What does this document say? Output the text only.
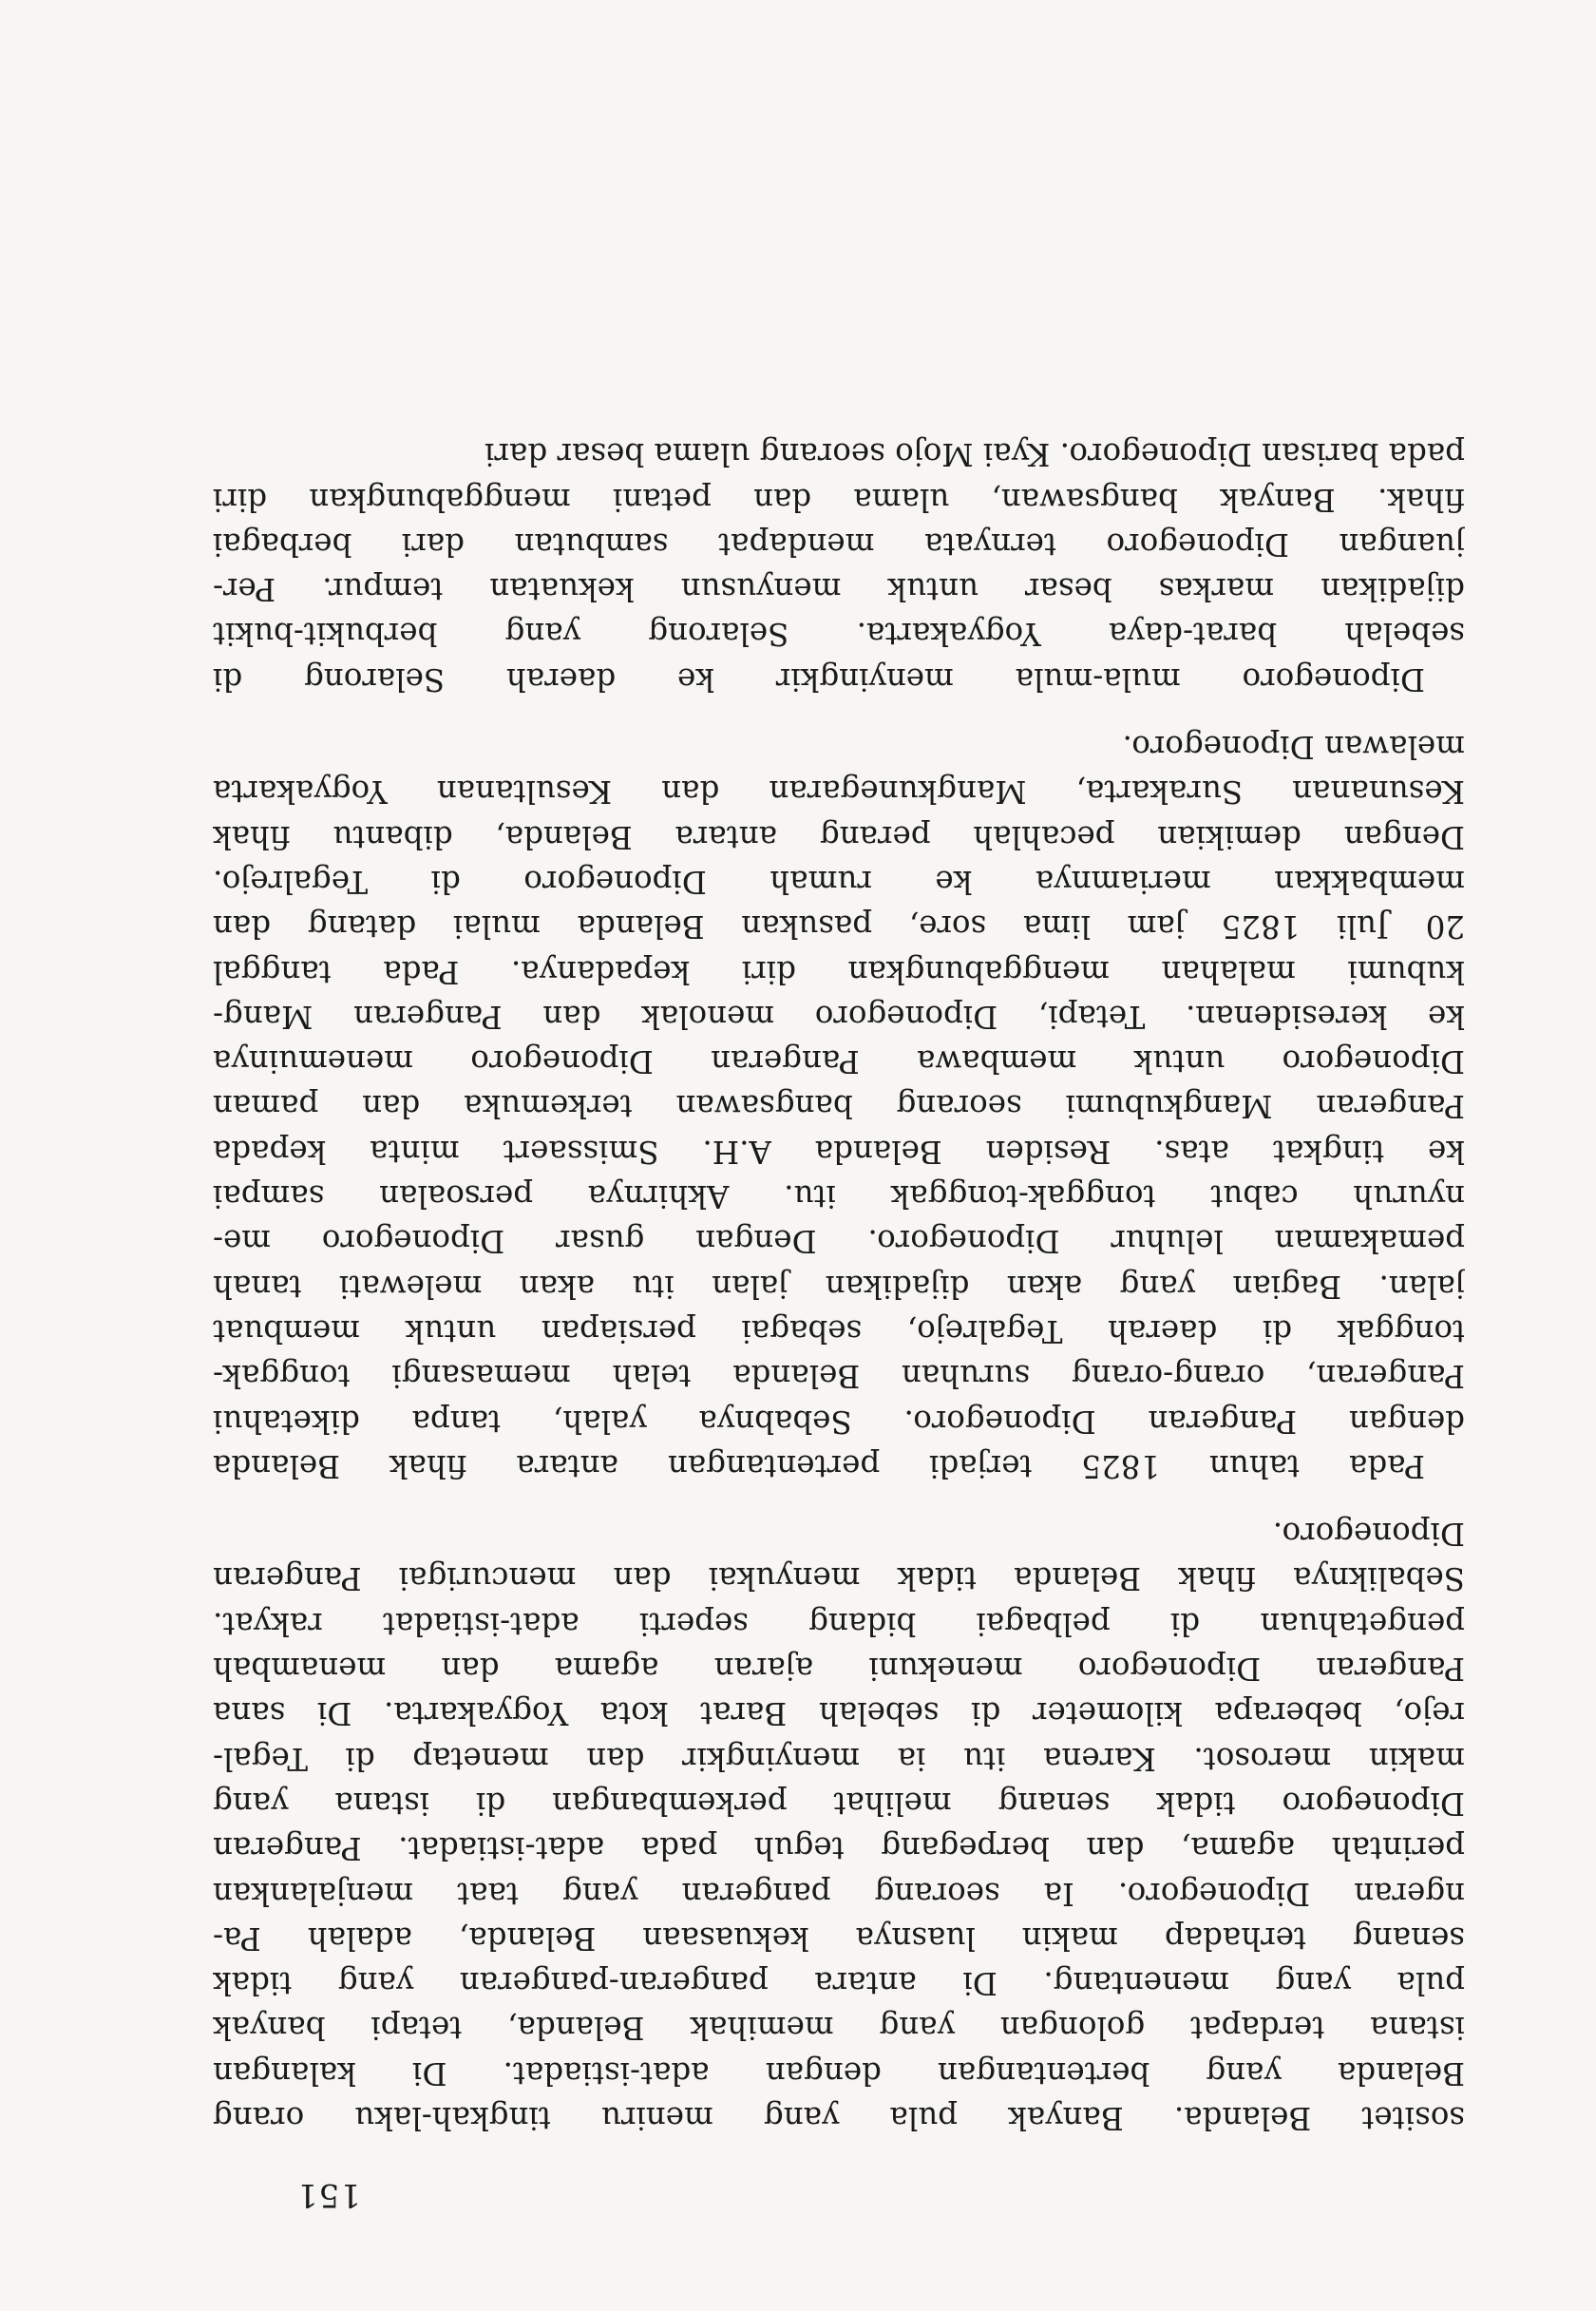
sositet Belanda. Banyak pula yang meniru tingkah-laku orang

Belanda yang bertentangan dengan adat-istiadat. Di kalangan

istana terdapat golongan yang memihak Belanda, tetapi banyak

pula yang menentang. Di antara pangeran-pangeran yang tidak

senang terhadap makin luasnya kekuasaan Belanda, adalah Pa-

ngeran Diponegoro. Ia seorang pangeran yang taat menjalankan

perintah agama, dan berpegang teguh pada adat-istiadat. Pangeran

Diponegoro tidak senang melihat perkembangan di istana yang

makin merosot. Karena itu ia menyingkir dan menetap di Tegal-

rejo, beberapa kilometer di sebelah Barat kota Yogyakarta. Di sana

Pangeran Diponegoro menekuni ajaran agama dan menambah

pengetahuan di pelbagai bidang seperti adat-istiadat rakyat.

Sebaliknya fihak Belanda tidak menyukai dan mencurigai Pangeran

Diponegoro.

Pada tahun 1825 terjadi pertentangan antara fihak Belanda

dengan Pangeran Diponegoro. Sebabnya yalah, tanpa diketahui

Pangeran, orang-orang suruhan Belanda telah memasangi tonggak-

tonggak di daerah Tegalrejo, sebagai persiapan untuk membuat

jalan. Bagian yang akan dijadikan jalan itu akan melewati tanah

pemakaman leluhur Diponegoro. Dengan gusar Diponegoro me-

nyuruh cabut tonggak-tonggak itu. Akhirnya persoalan sampai

ke tingkat atas. Residen Belanda A.H. Smissaert minta kepada

Pangeran Mangkubumi seorang bangsawan terkemuka dan paman

Diponegoro untuk membawa Pangeran Diponegoro menemuinya

ke keresidenan. Tetapi, Diponegoro menolak dan Pangeran Mang-

kubumi malahan menggabungkan diri kepadanya. Pada tanggal

20 Juli 1825 jam lima sore, pasukan Belanda mulai datang dan

membakkan meriamnya ke rumah Diponegoro di Tegalrejo.

Dengan demikian pecahlah perang antara Belanda, dibantu fihak

Kesunanan Surakarta, Mangkunegaran dan Kesultanan Yogyakarta

melawan Diponegoro.

Diponegoro mula-mula menyingkir ke daerah Selarong di

sebelah barat-daya Yogyakarta. Selarong yang berbukit-bukit

dijadikan markas besar untuk menyusun kekuatan tempur. Per-

juangan Diponegoro ternyata mendapat sambutan dari berbagai

fihak. Banyak bangsawan, ulama dan petani menggabungkan diri

pada barisan Diponegoro. Kyai Mojo seorang ulama besar dari

151
